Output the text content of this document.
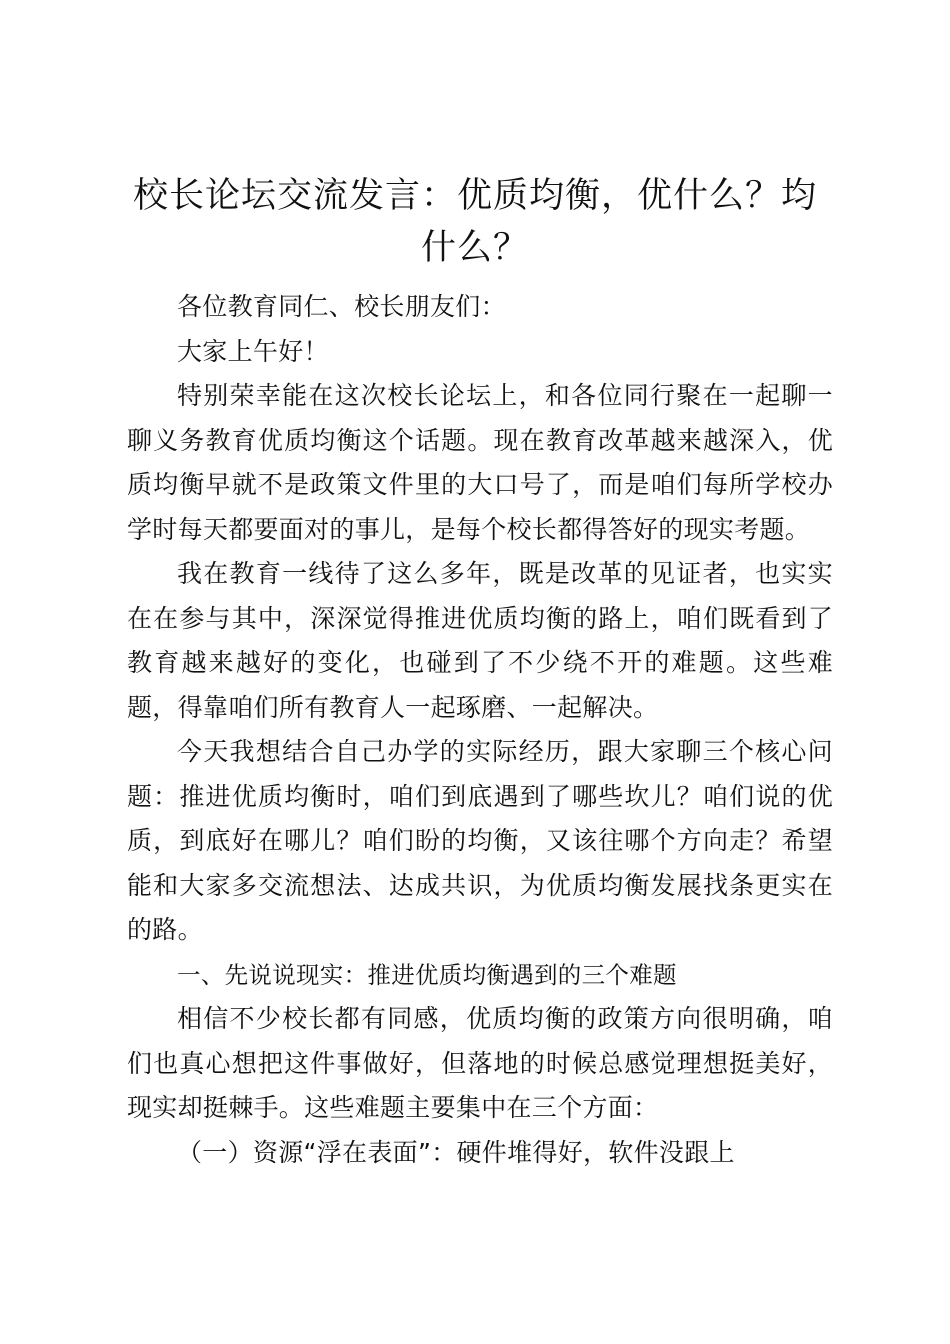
校长论坛交流发言：优质均衡，优什么？均什么？

各位教育同仁、校长朋友们：

大家上午好！

特别荣幸能在这次校长论坛上，和各位同行聚在一起聊一聊义务教育优质均衡这个话题。现在教育改革越来越深入，优质均衡早就不是政策文件里的大口号了，而是咱们每所学校办学时每天都要面对的事儿，是每个校长都得答好的现实考题。

我在教育一线待了这么多年，既是改革的见证者，也实实在在参与其中，深深觉得推进优质均衡的路上，咱们既看到了教育越来越好的变化，也碰到了不少绕不开的难题。这些难题，得靠咱们所有教育人一起琢磨、一起解决。

今天我想结合自己办学的实际经历，跟大家聊三个核心问题：推进优质均衡时，咱们到底遇到了哪些坎儿？咱们说的优质，到底好在哪儿？咱们盼的均衡，又该往哪个方向走？希望能和大家多交流想法、达成共识，为优质均衡发展找条更实在的路。

一、先说说现实：推进优质均衡遇到的三个难题

相信不少校长都有同感，优质均衡的政策方向很明确，咱们也真心想把这件事做好，但落地的时候总感觉理想挺美好，现实却挺棘手。这些难题主要集中在三个方面：

（一）资源“浮在表面”：硬件堆得好，软件没跟上
